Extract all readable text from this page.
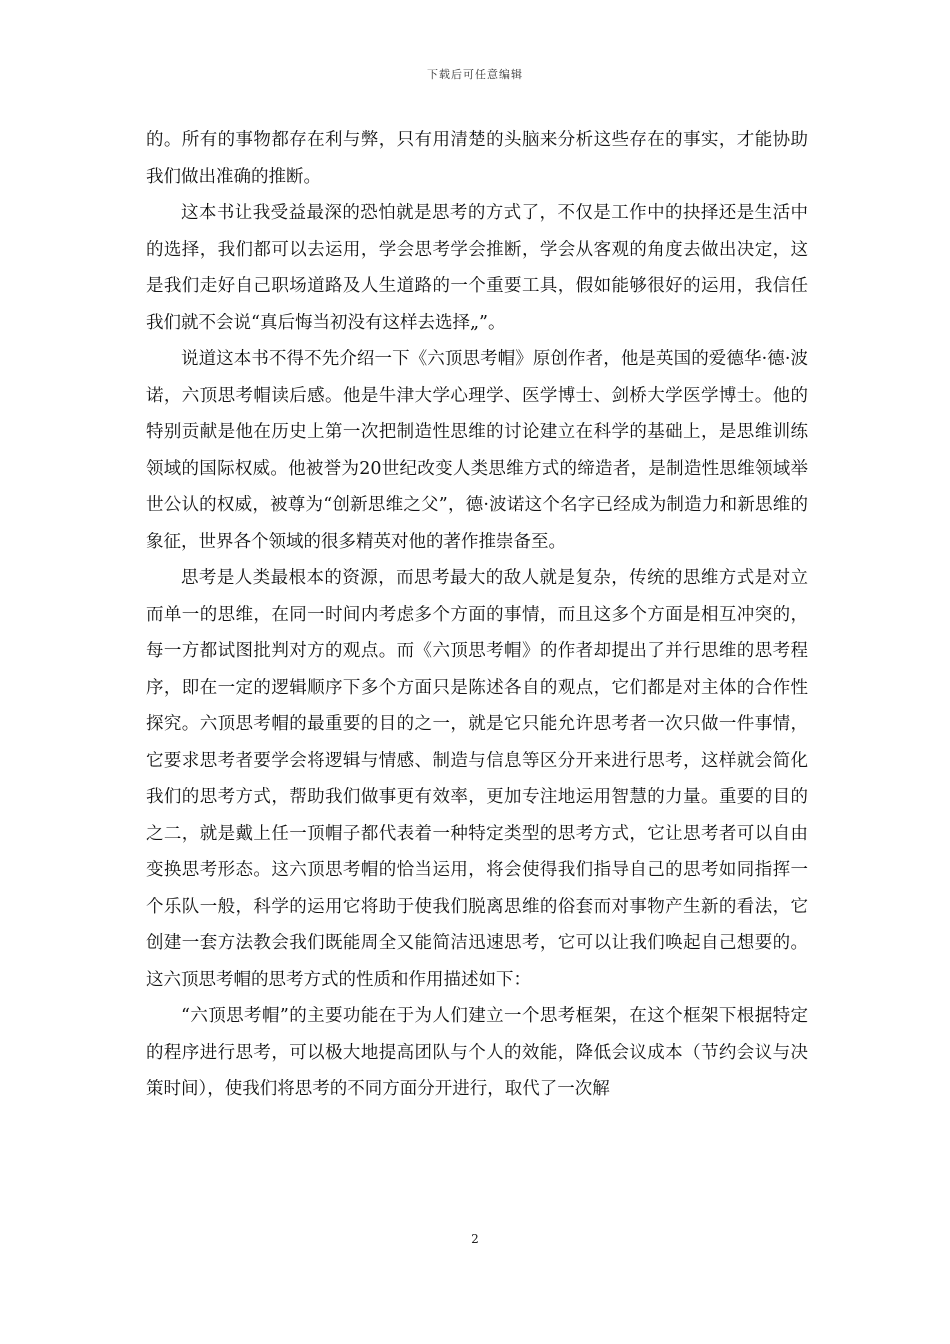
下载后可任意编辑

的。所有的事物都存在利与弊，只有用清楚的头脑来分析这些存在的事实，才能协助我们做出准确的推断。

这本书让我受益最深的恐怕就是思考的方式了，不仅是工作中的抉择还是生活中的选择，我们都可以去运用，学会思考学会推断，学会从客观的角度去做出决定，这是我们走好自己职场道路及人生道路的一个重要工具，假如能够很好的运用，我信任我们就不会说“真后悔当初没有这样去选择„”。

说道这本书不得不先介绍一下《六顶思考帽》原创作者，他是英国的爱德华·德·波诺，六顶思考帽读后感。他是牛津大学心理学、医学博士、剑桥大学医学博士。他的特别贡献是他在历史上第一次把制造性思维的讨论建立在科学的基础上，是思维训练领域的国际权威。他被誉为20世纪改变人类思维方式的缔造者，是制造性思维领域举世公认的权威，被尊为“创新思维之父”，德·波诺这个名字已经成为制造力和新思维的象征，世界各个领域的很多精英对他的著作推崇备至。

思考是人类最根本的资源，而思考最大的敌人就是复杂，传统的思维方式是对立而单一的思维，在同一时间内考虑多个方面的事情，而且这多个方面是相互冲突的，每一方都试图批判对方的观点。而《六顶思考帽》的作者却提出了并行思维的思考程序，即在一定的逻辑顺序下多个方面只是陈述各自的观点，它们都是对主体的合作性探究。六顶思考帽的最重要的目的之一，就是它只能允许思考者一次只做一件事情，它要求思考者要学会将逻辑与情感、制造与信息等区分开来进行思考，这样就会简化我们的思考方式，帮助我们做事更有效率，更加专注地运用智慧的力量。重要的目的之二，就是戴上任一顶帽子都代表着一种特定类型的思考方式，它让思考者可以自由变换思考形态。这六顶思考帽的恰当运用，将会使得我们指导自己的思考如同指挥一个乐队一般，科学的运用它将助于使我们脱离思维的俗套而对事物产生新的看法，它创建一套方法教会我们既能周全又能简洁迅速思考，它可以让我们唤起自己想要的。这六顶思考帽的思考方式的性质和作用描述如下：

“六顶思考帽”的主要功能在于为人们建立一个思考框架，在这个框架下根据特定的程序进行思考，可以极大地提高团队与个人的效能，降低会议成本（节约会议与决策时间），使我们将思考的不同方面分开进行，取代了一次解

2
